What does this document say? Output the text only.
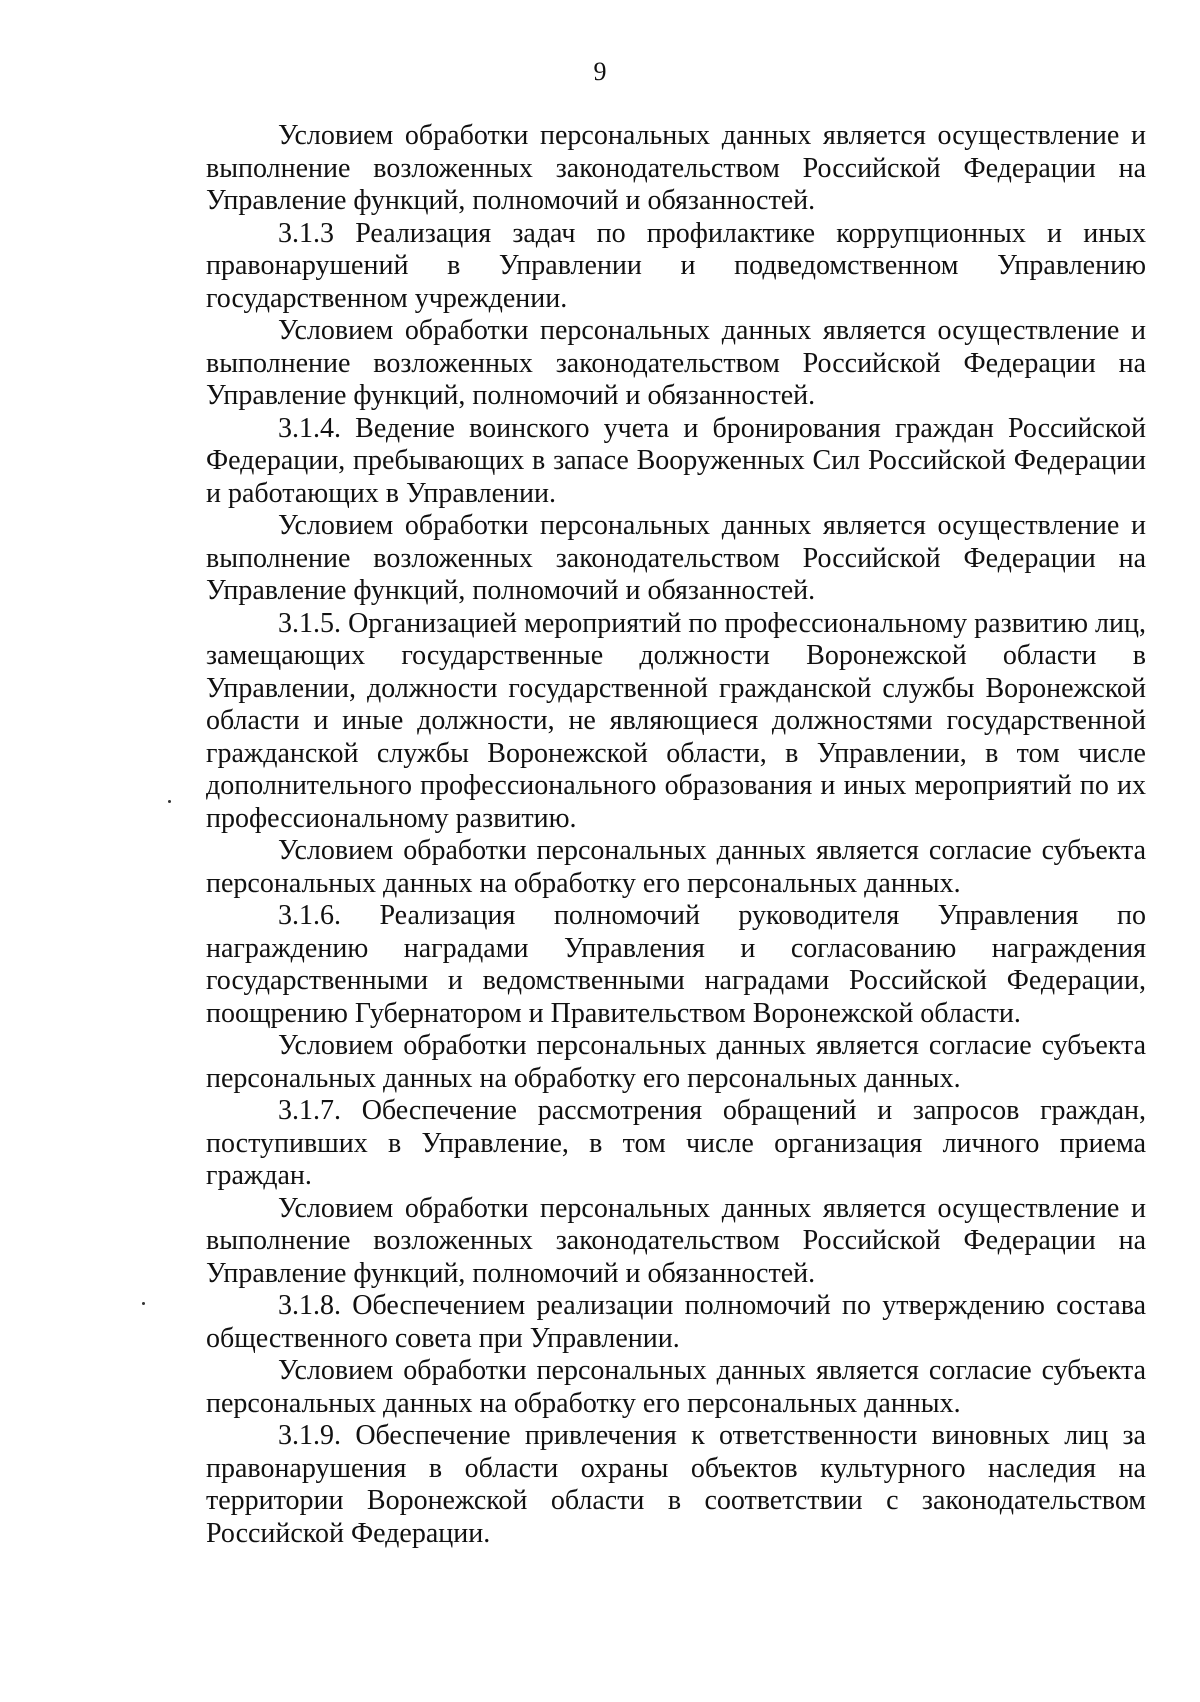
9

Условием обработки персональных данных является осуществление и выполнение возложенных законодательством Российской Федерации на Управление функций, полномочий и обязанностей.

3.1.3 Реализация задач по профилактике коррупционных и иных правонарушений в Управлении и подведомственном Управлению государственном учреждении.

Условием обработки персональных данных является осуществление и выполнение возложенных законодательством Российской Федерации на Управление функций, полномочий и обязанностей.

3.1.4. Ведение воинского учета и бронирования граждан Российской Федерации, пребывающих в запасе Вооруженных Сил Российской Федерации и работающих в Управлении.

Условием обработки персональных данных является осуществление и выполнение возложенных законодательством Российской Федерации на Управление функций, полномочий и обязанностей.

3.1.5. Организацией мероприятий по профессиональному развитию лиц, замещающих государственные должности Воронежской области в Управлении, должности государственной гражданской службы Воронежской области и иные должности, не являющиеся должностями государственной гражданской службы Воронежской области, в Управлении, в том числе дополнительного профессионального образования и иных мероприятий по их профессиональному развитию.

Условием обработки персональных данных является согласие субъекта персональных данных на обработку его персональных данных.

3.1.6. Реализация полномочий руководителя Управления по награждению наградами Управления и согласованию награждения государственными и ведомственными наградами Российской Федерации, поощрению Губернатором и Правительством Воронежской области.

Условием обработки персональных данных является согласие субъекта персональных данных на обработку его персональных данных.

3.1.7. Обеспечение рассмотрения обращений и запросов граждан, поступивших в Управление, в том числе организация личного приема граждан.

Условием обработки персональных данных является осуществление и выполнение возложенных законодательством Российской Федерации на Управление функций, полномочий и обязанностей.

3.1.8. Обеспечением реализации полномочий по утверждению состава общественного совета при Управлении.

Условием обработки персональных данных является согласие субъекта персональных данных на обработку его персональных данных.

3.1.9. Обеспечение привлечения к ответственности виновных лиц за правонарушения в области охраны объектов культурного наследия на территории Воронежской области в соответствии с законодательством Российской Федерации.
